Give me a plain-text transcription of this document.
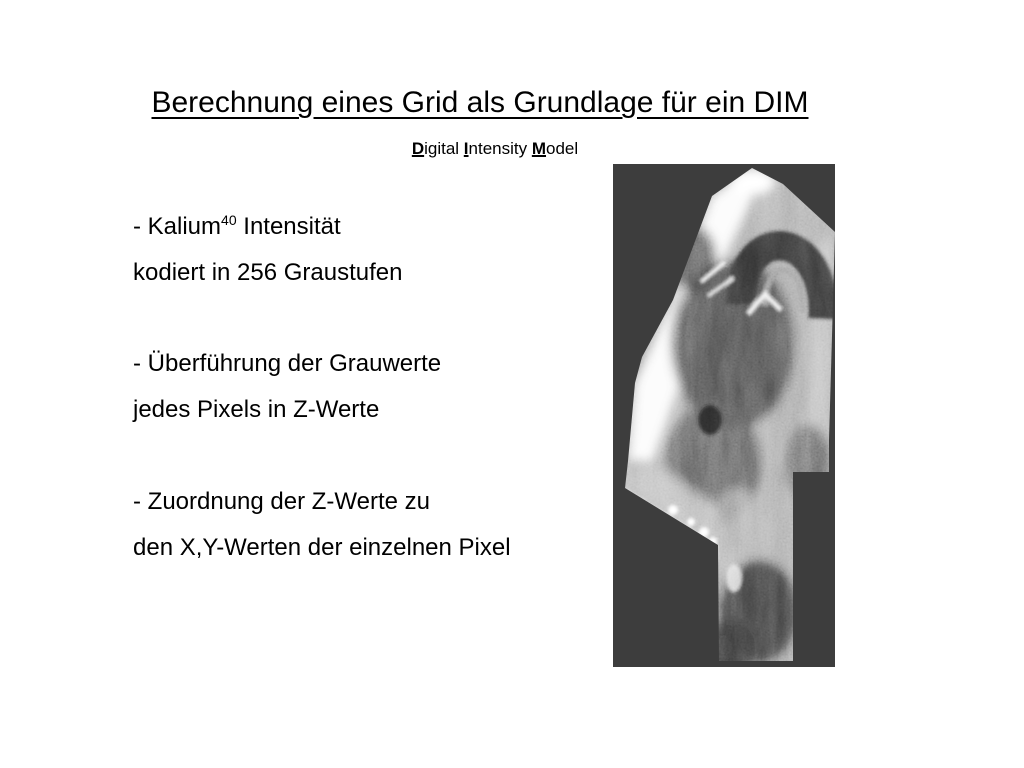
Berechnung eines Grid als Grundlage für ein DIM
Digital Intensity Model
- Kalium$^{40}$ Intensität
kodiert in 256 Graustufen
- Überführung der Grauwerte
jedes Pixels in Z-Werte
- Zuordnung der Z-Werte zu
den X,Y-Werten der einzelnen Pixel
